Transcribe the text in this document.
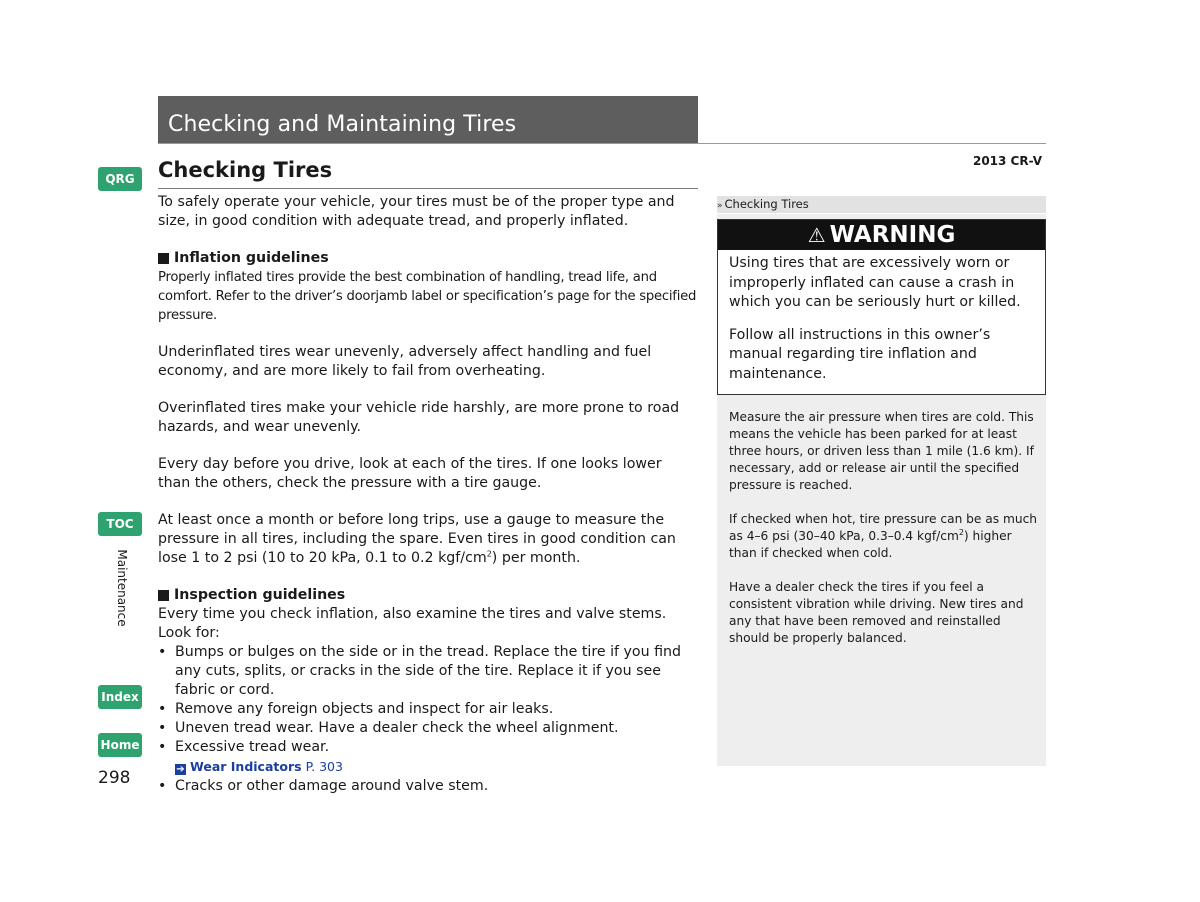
Checking and Maintaining Tires
2013 CR-V
Checking Tires
QRG
TOC
Maintenance
Index
Home
298

To safely operate your vehicle, your tires must be of the proper type and size, in good condition with adequate tread, and properly inflated.

Inflation guidelines

Properly inflated tires provide the best combination of handling, tread life, and comfort. Refer to the driver’s doorjamb label or specification’s page for the specified pressure.

Underinflated tires wear unevenly, adversely affect handling and fuel economy, and are more likely to fail from overheating.

Overinflated tires make your vehicle ride harshly, are more prone to road hazards, and wear unevenly.

Every day before you drive, look at each of the tires. If one looks lower than the others, check the pressure with a tire gauge.

At least once a month or before long trips, use a gauge to measure the pressure in all tires, including the spare. Even tires in good condition can lose 1 to 2 psi (10 to 20 kPa, 0.1 to 0.2 kgf/$cm^2$) per month.

Inspection guidelines

Every time you check inflation, also examine the tires and valve stems.

Look for:

• Bumps or bulges on the side or in the tread. Replace the tire if you find any cuts, splits, or cracks in the side of the tire. Replace it if you see fabric or cord.
• Remove any foreign objects and inspect for air leaks.
• Uneven tread wear. Have a dealer check the wheel alignment.
• Excessive tread wear.
➔ Wear Indicators P. 303
• Cracks or other damage around valve stem.
» Checking Tires
⚠ WARNING

Using tires that are excessively worn or improperly inflated can cause a crash in which you can be seriously hurt or killed.

Follow all instructions in this owner’s manual regarding tire inflation and maintenance.

Measure the air pressure when tires are cold. This means the vehicle has been parked for at least three hours, or driven less than 1 mile (1.6 km). If necessary, add or release air until the specified pressure is reached.

If checked when hot, tire pressure can be as much as 4–6 psi (30–40 kPa, 0.3–0.4 kgf/$cm^2$) higher than if checked when cold.

Have a dealer check the tires if you feel a consistent vibration while driving. New tires and any that have been removed and reinstalled should be properly balanced.
